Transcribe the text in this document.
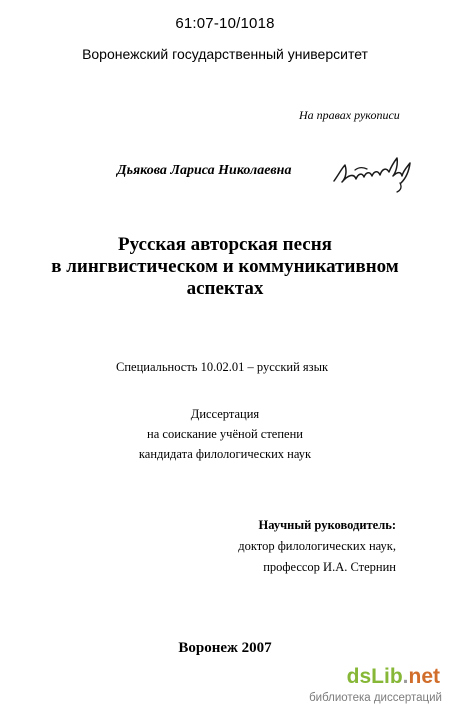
61:07-10/1018

Воронежский государственный университет

На правах рукописи

Дьякова Лариса Николаевна

Русская авторская песня
в лингвистическом и коммуникативном
аспектах

Специальность 10.02.01 – русский язык

Диссертация
на соискание учёной степени
кандидата филологических наук
Научный руководитель:
доктор филологических наук,
профессор И.А. Стернин

Воронеж 2007

dsLib.net
библиотека диссертаций
